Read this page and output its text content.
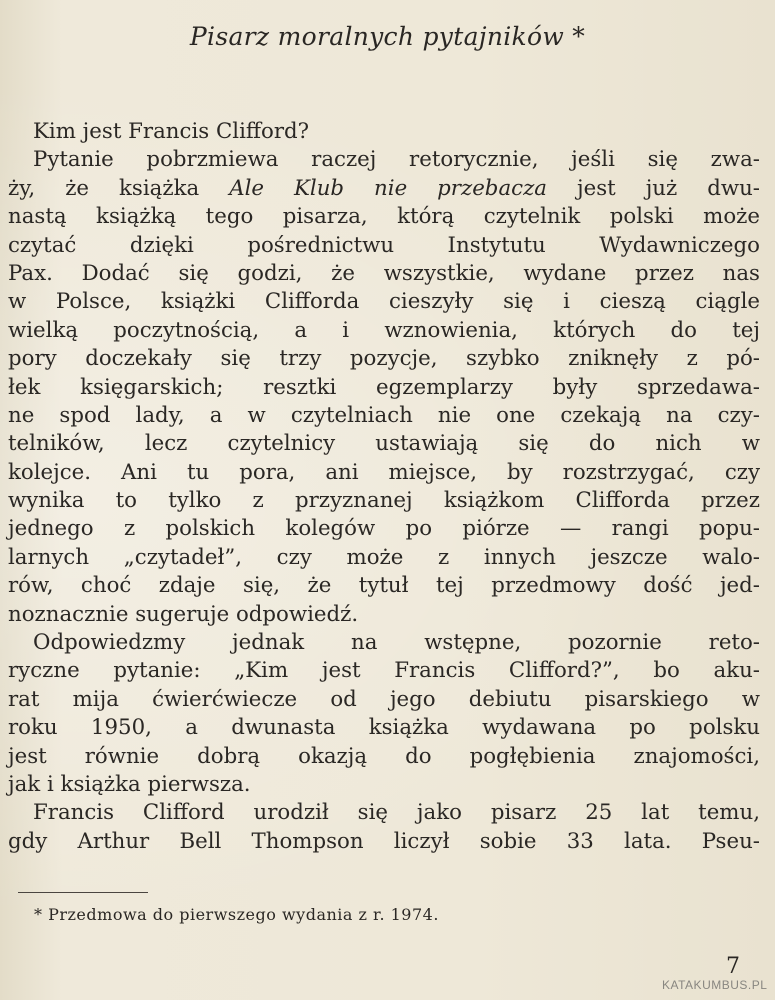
Pisarz moralnych pytajników *
Kim jest Francis Clifford?
Pytanie pobrzmiewa raczej retorycznie, jeśli się zwa-
ży, że książka Ale Klub nie przebacza jest już dwu-
nastą książką tego pisarza, którą czytelnik polski może
czytać dzięki pośrednictwu Instytutu Wydawniczego
Pax. Dodać się godzi, że wszystkie, wydane przez nas
w Polsce, książki Clifforda cieszyły się i cieszą ciągle
wielką poczytnością, a i wznowienia, których do tej
pory doczekały się trzy pozycje, szybko zniknęły z pó-
łek księgarskich; resztki egzemplarzy były sprzedawa-
ne spod lady, a w czytelniach nie one czekają na czy-
telników, lecz czytelnicy ustawiają się do nich w
kolejce. Ani tu pora, ani miejsce, by rozstrzygać, czy
wynika to tylko z przyznanej książkom Clifforda przez
jednego z polskich kolegów po piórze — rangi popu-
larnych „czytadeł”, czy może z innych jeszcze walo-
rów, choć zdaje się, że tytuł tej przedmowy dość jed-
noznacznie sugeruje odpowiedź.
Odpowiedzmy jednak na wstępne, pozornie reto-
ryczne pytanie: „Kim jest Francis Clifford?”, bo aku-
rat mija ćwierćwiecze od jego debiutu pisarskiego w
roku 1950, a dwunasta książka wydawana po polsku
jest równie dobrą okazją do pogłębienia znajomości,
jak i książka pierwsza.
Francis Clifford urodził się jako pisarz 25 lat temu,
gdy Arthur Bell Thompson liczył sobie 33 lata. Pseu-
* Przedmowa do pierwszego wydania z r. 1974.
7
KATAKUMBUS.PL
